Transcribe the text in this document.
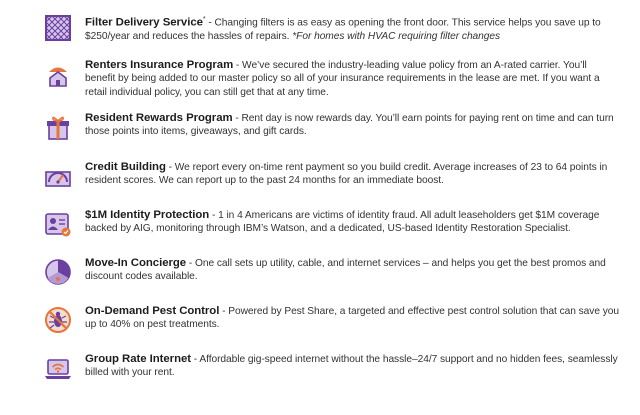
Filter Delivery Service* - Changing filters is as easy as opening the front door. This service helps you save up to $250/year and reduces the hassles of repairs. *For homes with HVAC requiring filter changes
Renters Insurance Program - We’ve secured the industry-leading value policy from an A-rated carrier. You’ll benefit by being added to our master policy so all of your insurance requirements in the lease are met. If you want a retail individual policy, you can still get that at any time.
Resident Rewards Program - Rent day is now rewards day. You’ll earn points for paying rent on time and can turn those points into items, giveaways, and gift cards.
Credit Building - We report every on-time rent payment so you build credit. Average increases of 23 to 64 points in resident scores. We can report up to the past 24 months for an immediate boost.
$1M Identity Protection - 1 in 4 Americans are victims of identity fraud. All adult leaseholders get $1M coverage backed by AIG, monitoring through IBM’s Watson, and a dedicated, US-based Identity Restoration Specialist.
Move-In Concierge - One call sets up utility, cable, and internet services – and helps you get the best promos and discount codes available.
On-Demand Pest Control - Powered by Pest Share, a targeted and effective pest control solution that can save you up to 40% on pest treatments.
Group Rate Internet - Affordable gig-speed internet without the hassle–24/7 support and no hidden fees, seamlessly billed with your rent.
